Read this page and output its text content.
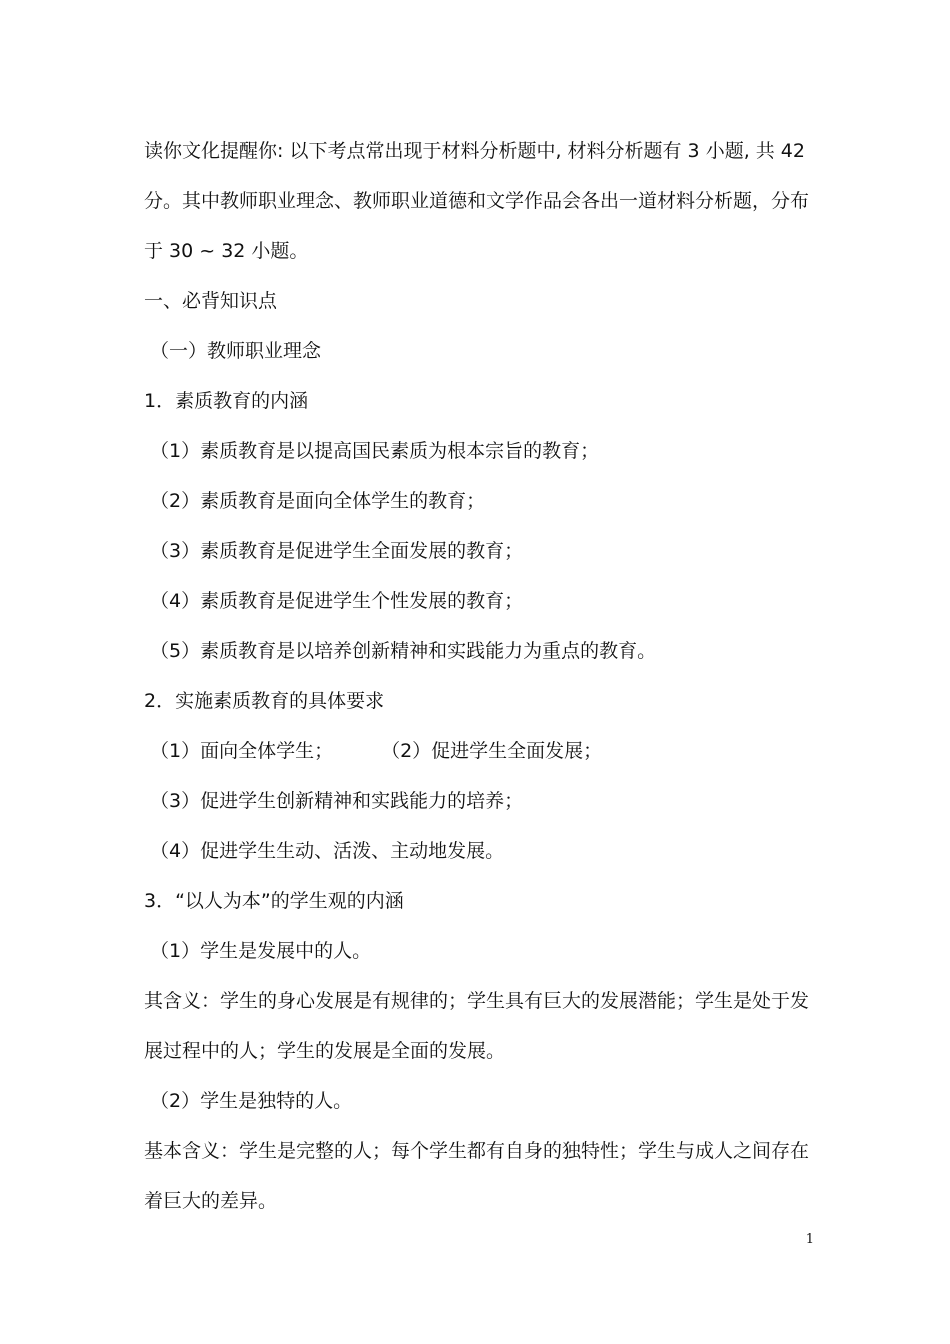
读你文化提醒你: 以下考点常出现于材料分析题中, 材料分析题有 3 小题, 共 42
分。其中教师职业理念、教师职业道德和文学作品会各出一道材料分析题，分布
于 30 ~ 32 小题。
一、必背知识点
（一）教师职业理念
1．素质教育的内涵
（1）素质教育是以提高国民素质为根本宗旨的教育；
（2）素质教育是面向全体学生的教育；
（3）素质教育是促进学生全面发展的教育；
（4）素质教育是促进学生个性发展的教育；
（5）素质教育是以培养创新精神和实践能力为重点的教育。
2．实施素质教育的具体要求
（1）面向全体学生；	（2）促进学生全面发展；
（3）促进学生创新精神和实践能力的培养；
（4）促进学生生动、活泼、主动地发展。
3．“以人为本”的学生观的内涵
（1）学生是发展中的人。
其含义：学生的身心发展是有规律的；学生具有巨大的发展潜能；学生是处于发
展过程中的人；学生的发展是全面的发展。
（2）学生是独特的人。
基本含义：学生是完整的人；每个学生都有自身的独特性；学生与成人之间存在
着巨大的差异。
1
